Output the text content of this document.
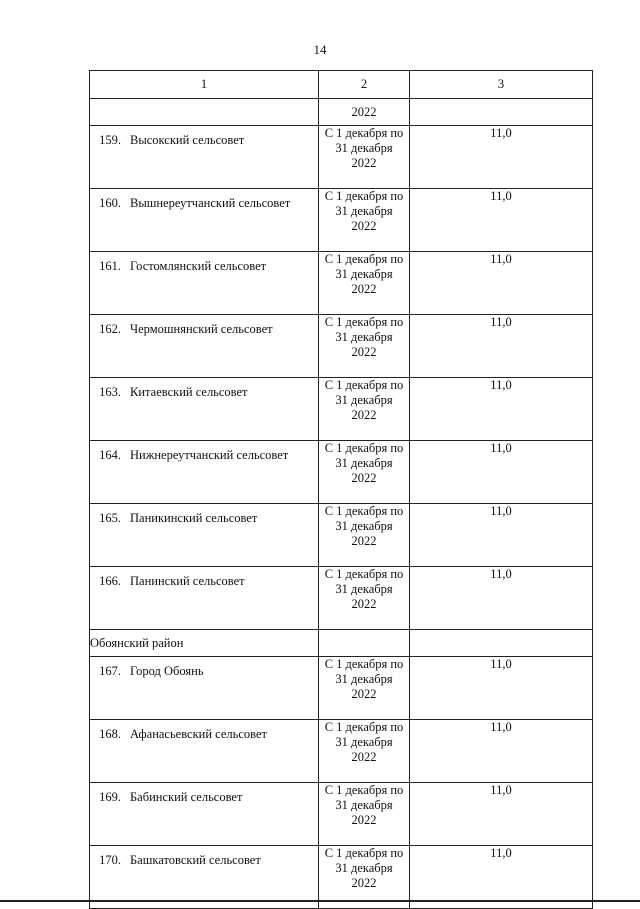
14
1	2	3
	2022	
159. Высокский сельсовет	С 1 декабря по
31 декабря
2022	11,0
160. Вышнереутчанский сельсовет	С 1 декабря по
31 декабря
2022	11,0
161. Гостомлянский сельсовет	С 1 декабря по
31 декабря
2022	11,0
162. Чермошнянский сельсовет	С 1 декабря по
31 декабря
2022	11,0
163. Китаевский сельсовет	С 1 декабря по
31 декабря
2022	11,0
164. Нижнереутчанский сельсовет	С 1 декабря по
31 декабря
2022	11,0
165. Паникинский сельсовет	С 1 декабря по
31 декабря
2022	11,0
166. Панинский сельсовет	С 1 декабря по
31 декабря
2022	11,0
Обоянский район		
167. Город Обоянь	С 1 декабря по
31 декабря
2022	11,0
168. Афанасьевский сельсовет	С 1 декабря по
31 декабря
2022	11,0
169. Бабинский сельсовет	С 1 декабря по
31 декабря
2022	11,0
170. Башкатовский сельсовет	С 1 декабря по
31 декабря
2022	11,0
